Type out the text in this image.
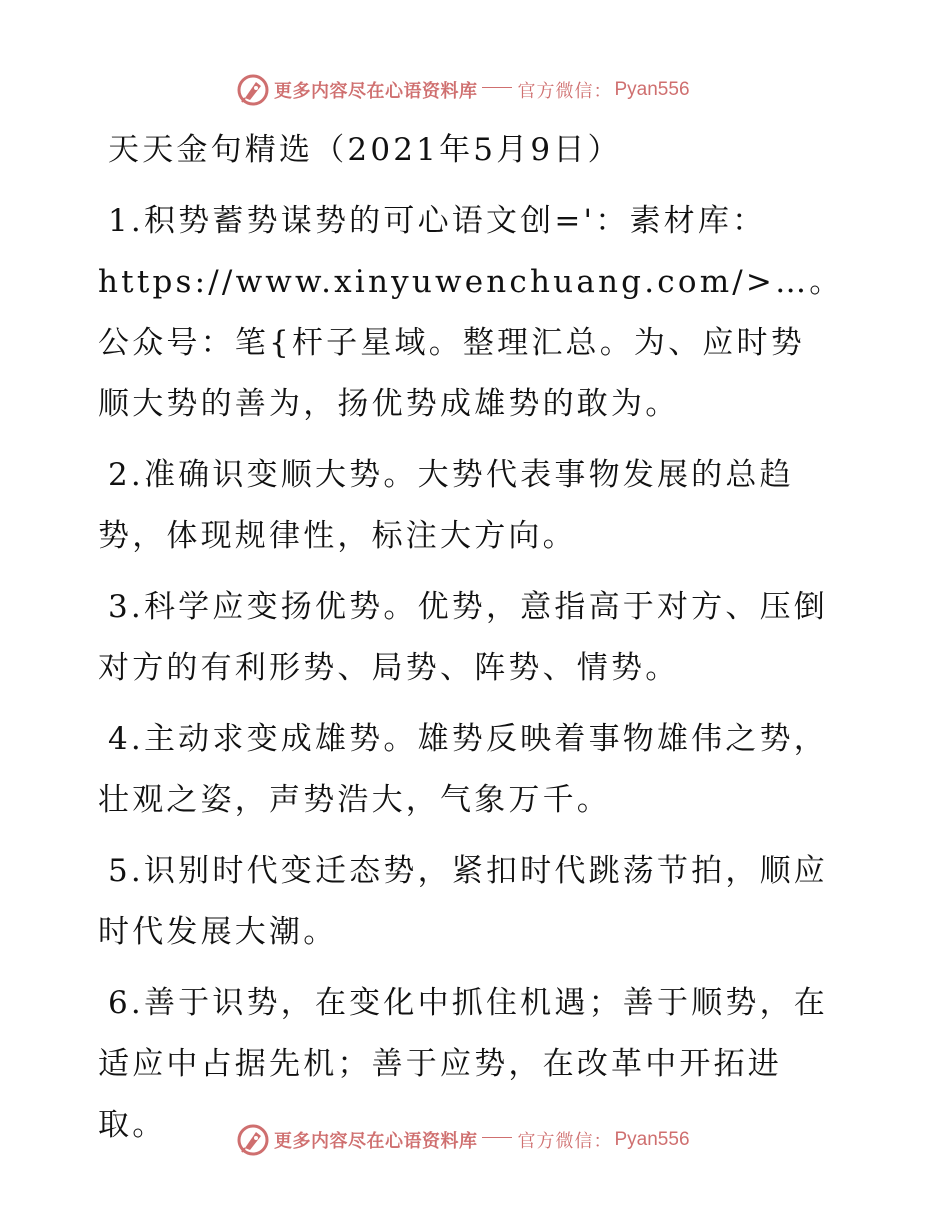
更多内容尽在心语资料库 官方微信： Pyan556
天天金句精选（2021年5月9日）
1.积势蓄势谋势的可心语文创='：素材库：https://www.xinyuwenchuang.com/>…。公众号：笔{杆子星域。整理汇总。为、应时势顺大势的善为，扬优势成雄势的敢为。
2.准确识变顺大势。大势代表事物发展的总趋势，体现规律性，标注大方向。
3.科学应变扬优势。优势，意指高于对方、压倒对方的有利形势、局势、阵势、情势。
4.主动求变成雄势。雄势反映着事物雄伟之势，壮观之姿，声势浩大，气象万千。
5.识别时代变迁态势，紧扣时代跳荡节拍，顺应时代发展大潮。
6.善于识势，在变化中抓住机遇；善于顺势，在适应中占据先机；善于应势，在改革中开拓进取。	更多内容尽在心语资料库 官方微信： Pyan556
